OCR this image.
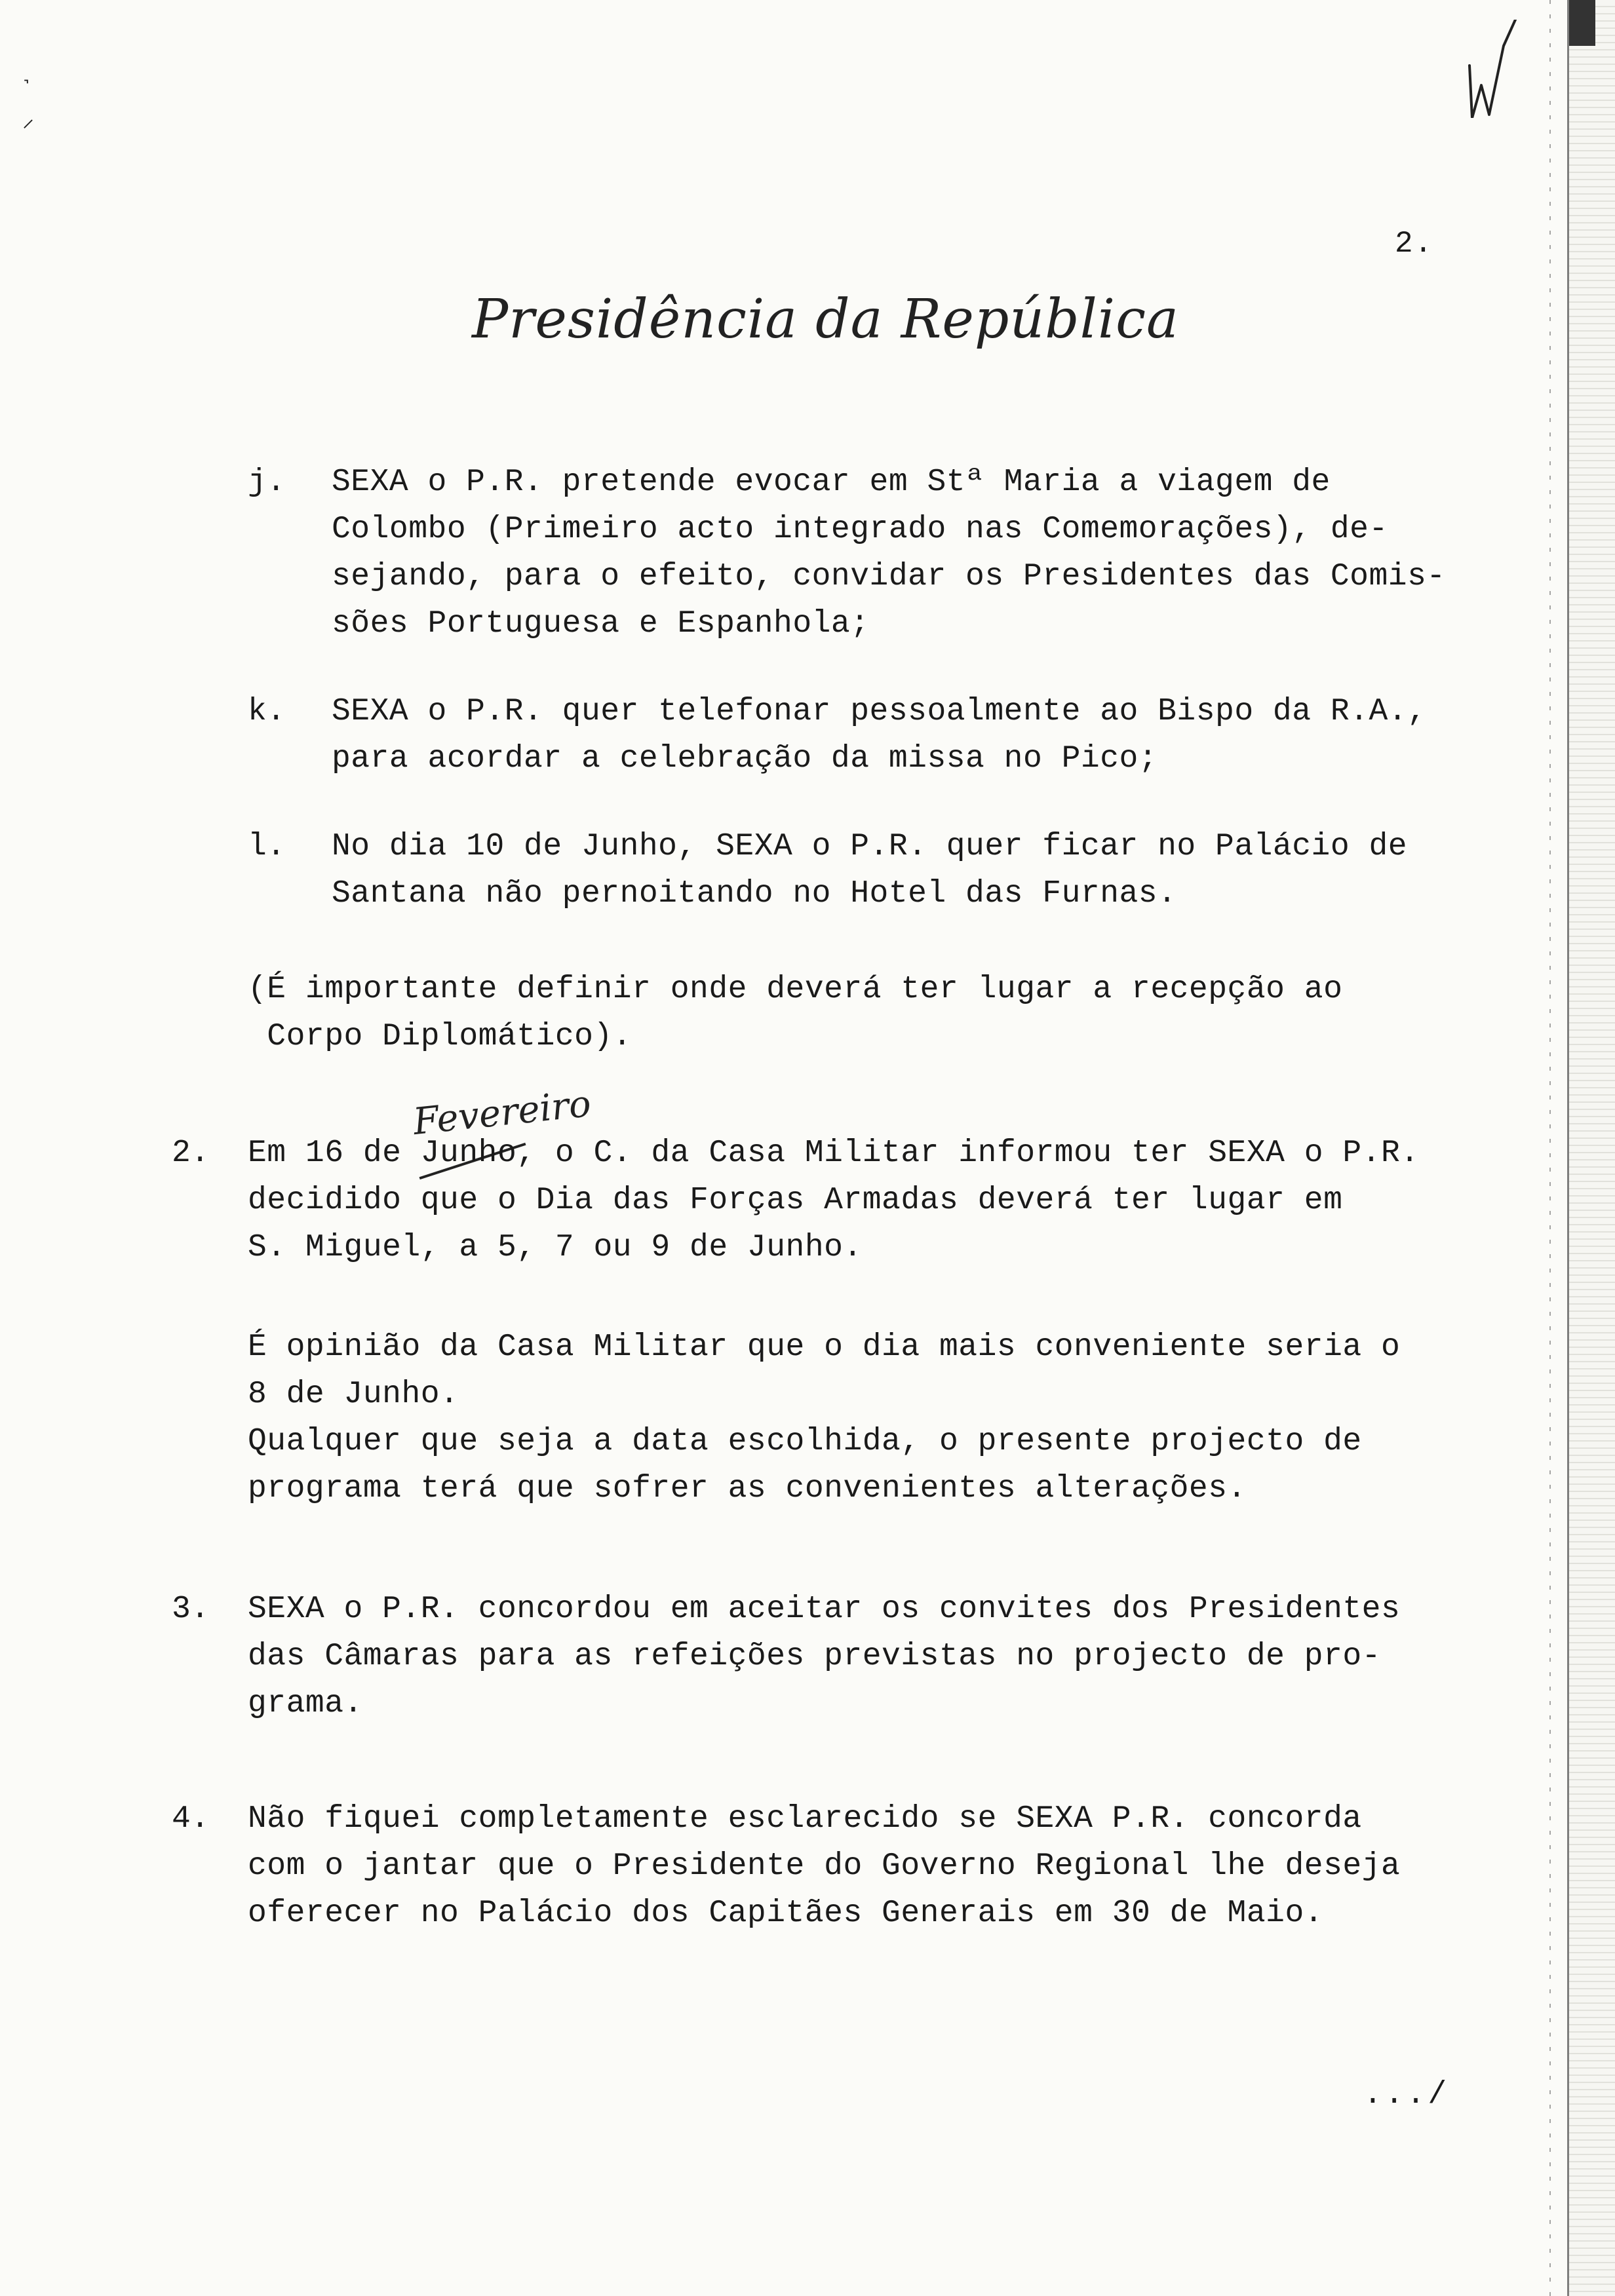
˺
⸝
2.
Presidência da República
j. SEXA o P.R. pretende evocar em Stª Maria a viagem de
Colombo (Primeiro acto integrado nas Comemorações), de-
sejando, para o efeito, convidar os Presidentes das Comis-
sões Portuguesa e Espanhola;
k. SEXA o P.R. quer telefonar pessoalmente ao Bispo da R.A.,
para acordar a celebração da missa no Pico;
l. No dia 10 de Junho, SEXA o P.R. quer ficar no Palácio de
Santana não pernoitando no Hotel das Furnas.
(É importante definir onde deverá ter lugar a recepção ao
Corpo Diplomático).
Fevereiro
2. Em 16 de Junho, o C. da Casa Militar informou ter SEXA o P.R.
decidido que o Dia das Forças Armadas deverá ter lugar em
S. Miguel, a 5, 7 ou 9 de Junho.
É opinião da Casa Militar que o dia mais conveniente seria o
8 de Junho.
Qualquer que seja a data escolhida, o presente projecto de
programa terá que sofrer as convenientes alterações.
3. SEXA o P.R. concordou em aceitar os convites dos Presidentes
das Câmaras para as refeições previstas no projecto de pro-
grama.
4. Não fiquei completamente esclarecido se SEXA P.R. concorda
com o jantar que o Presidente do Governo Regional lhe deseja
oferecer no Palácio dos Capitães Generais em 30 de Maio.
.../
